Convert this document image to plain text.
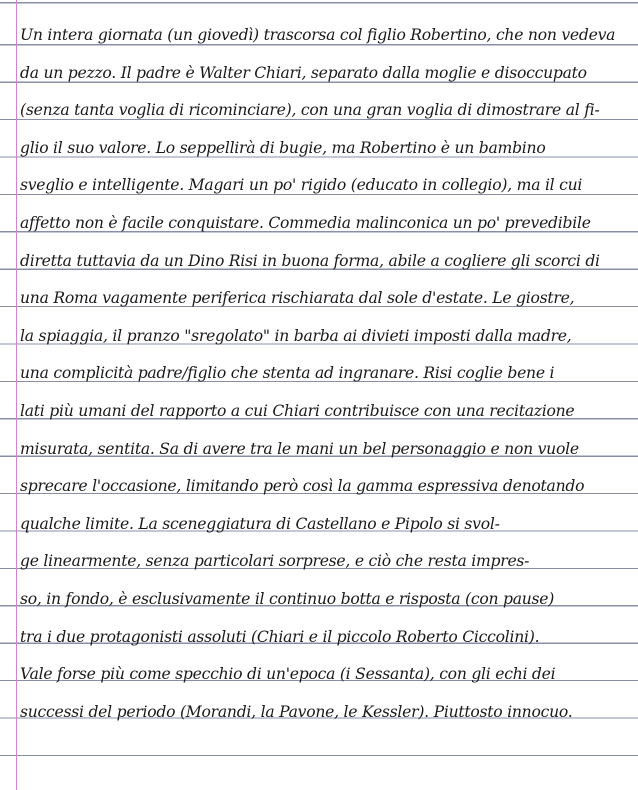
Un intera giornata (un giovedì) trascorsa col figlio Robertino, che non vedeva
da un pezzo. Il padre è Walter Chiari, separato dalla moglie e disoccupato
(senza tanta voglia di ricominciare), con una gran voglia di dimostrare al fi-
glio il suo valore. Lo seppellirà di bugie, ma Robertino è un bambino
sveglio e intelligente. Magari un po' rigido (educato in collegio), ma il cui
affetto non è facile conquistare. Commedia malinconica un po' prevedibile
diretta tuttavia da un Dino Risi in buona forma, abile a cogliere gli scorci di
una Roma vagamente periferica rischiarata dal sole d'estate. Le giostre,
la spiaggia, il pranzo "sregolato" in barba ai divieti imposti dalla madre,
una complicità padre/figlio che stenta ad ingranare. Risi coglie bene i
lati più umani del rapporto a cui Chiari contribuisce con una recitazione
misurata, sentita. Sa di avere tra le mani un bel personaggio e non vuole
sprecare l'occasione, limitando però così la gamma espressiva denotando
qualche limite. La sceneggiatura di Castellano e Pipolo si svol-
ge linearmente, senza particolari sorprese, e ciò che resta impres-
so, in fondo, è esclusivamente il continuo botta e risposta (con pause)
tra i due protagonisti assoluti (Chiari e il piccolo Roberto Ciccolini).
Vale forse più come specchio di un'epoca (i Sessanta), con gli echi dei
successi del periodo (Morandi, la Pavone, le Kessler). Piuttosto innocuo.
